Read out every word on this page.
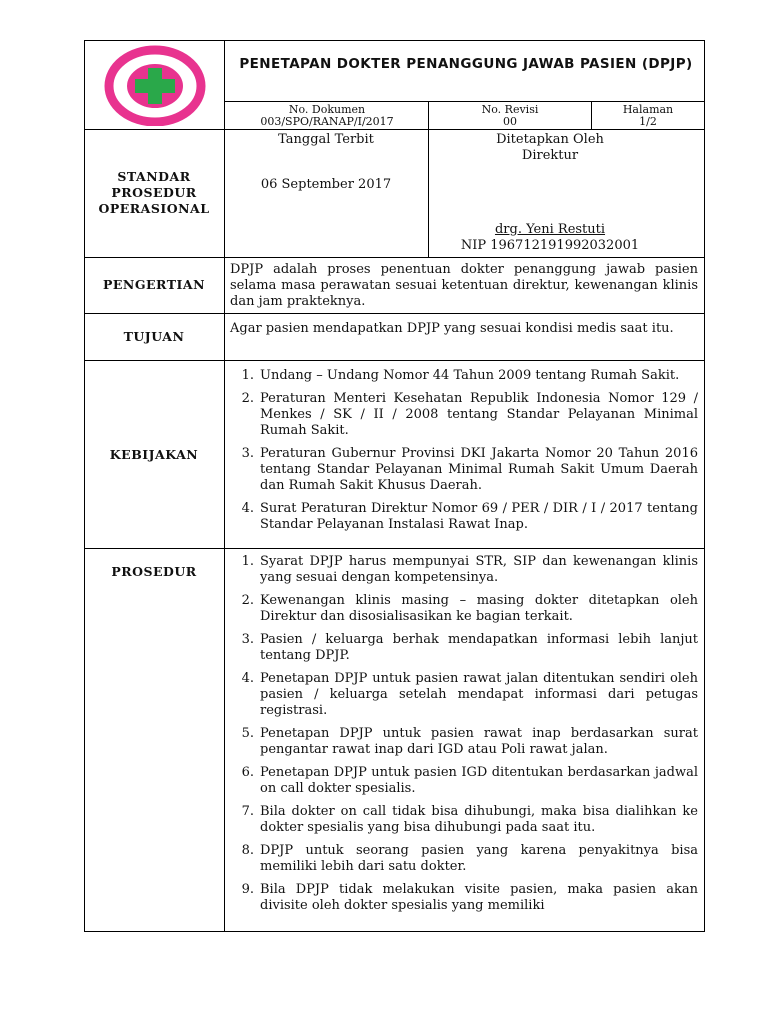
RUMAH SAKIT UMUM
DAERAH TEBET
PENETAPAN DOKTER PENANGGUNG JAWAB PASIEN (DPJP)
No. Dokumen
003/SPO/RANAP/I/2017
No. Revisi
00
Halaman
1/2
STANDAR PROSEDUR OPERASIONAL
Tanggal Terbit
06 September 2017
Ditetapkan Oleh
Direktur
drg. Yeni Restuti
NIP 196712191992032001
PENGERTIAN
DPJP adalah proses penentuan dokter penanggung jawab pasien selama masa perawatan sesuai ketentuan direktur, kewenangan klinis dan jam prakteknya.
TUJUAN
Agar pasien mendapatkan DPJP yang sesuai kondisi medis saat itu.
KEBIJAKAN
1. Undang – Undang Nomor 44 Tahun 2009 tentang Rumah Sakit.
2. Peraturan Menteri Kesehatan Republik Indonesia Nomor 129 / Menkes / SK / II / 2008 tentang Standar Pelayanan Minimal Rumah Sakit.
3. Peraturan Gubernur Provinsi DKI Jakarta Nomor 20 Tahun 2016 tentang Standar Pelayanan Minimal Rumah Sakit Umum Daerah dan Rumah Sakit Khusus Daerah.
4. Surat Peraturan Direktur Nomor 69 / PER / DIR / I / 2017 tentang Standar Pelayanan Instalasi Rawat Inap.
PROSEDUR
1. Syarat DPJP harus mempunyai STR, SIP dan kewenangan klinis yang sesuai dengan kompetensinya.
2. Kewenangan klinis masing – masing dokter ditetapkan oleh Direktur dan disosialisasikan ke bagian terkait.
3. Pasien / keluarga berhak mendapatkan informasi lebih lanjut tentang DPJP.
4. Penetapan DPJP untuk pasien rawat jalan ditentukan sendiri oleh pasien / keluarga setelah mendapat informasi dari petugas registrasi.
5. Penetapan DPJP untuk pasien rawat inap berdasarkan surat pengantar rawat inap dari IGD atau Poli rawat jalan.
6. Penetapan DPJP untuk pasien IGD ditentukan berdasarkan jadwal on call dokter spesialis.
7. Bila dokter on call tidak bisa dihubungi, maka bisa dialihkan ke dokter spesialis yang bisa dihubungi pada saat itu.
8. DPJP untuk seorang pasien yang karena penyakitnya bisa memiliki lebih dari satu dokter.
9. Bila DPJP tidak melakukan visite pasien, maka pasien akan divisite oleh dokter spesialis yang memiliki
